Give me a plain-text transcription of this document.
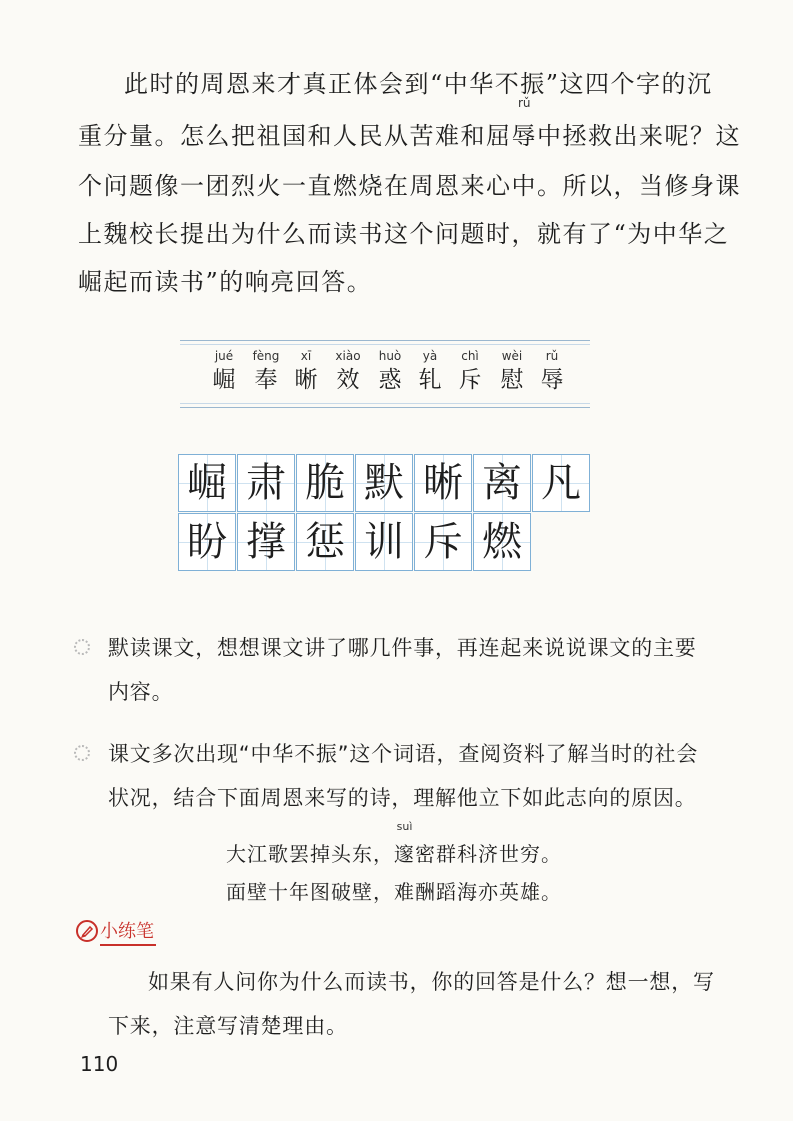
此时的周恩来才真正体会到“中华不振”这四个字的沉
重分量。怎么把祖国和人民从苦难和屈
rǔ
辱中拯救出来呢？这
个问题像一团烈火一直燃烧在周恩来心中。所以，当修身课
上魏校长提出为什么而读书这个问题时，就有了“为中华之
崛起而读书”的响亮回答。
jué
崛
fèng
奉
xī
晰
xiào
效
huò
惑
yà
轧
chì
斥
wèi
慰
rǔ
辱
崛 肃 脆 默 晰 离 凡
盼 撑 惩 训 斥 燃
默读课文，想想课文讲了哪几件事，再连起来说说课文的主要
内容。
课文多次出现“中华不振”这个词语，查阅资料了解当时的社会
状况，结合下面周恩来写的诗，理解他立下如此志向的原因。
大江歌罢掉头东，
suì
邃密群科济世穷。
面壁十年图破壁，难酬蹈海亦英雄。
小练笔
如果有人问你为什么而读书，你的回答是什么？想一想，写
下来，注意写清楚理由。
110
